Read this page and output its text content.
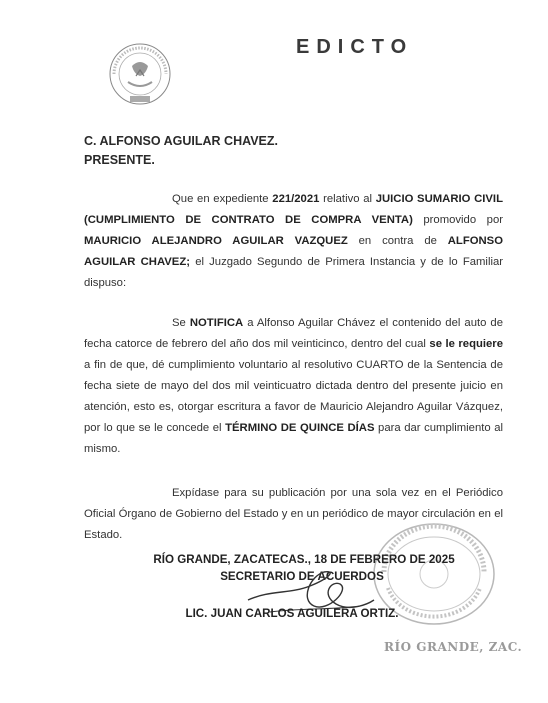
EDICTO
C. ALFONSO AGUILAR CHAVEZ.
PRESENTE.
Que en expediente 221/2021 relativo al JUICIO SUMARIO CIVIL (CUMPLIMIENTO DE CONTRATO DE COMPRA VENTA) promovido por MAURICIO ALEJANDRO AGUILAR VAZQUEZ en contra de ALFONSO AGUILAR CHAVEZ; el Juzgado Segundo de Primera Instancia y de lo Familiar dispuso:
Se NOTIFICA a Alfonso Aguilar Chávez el contenido del auto de fecha catorce de febrero del año dos mil veinticinco, dentro del cual se le requiere a fin de que, dé cumplimiento voluntario al resolutivo CUARTO de la Sentencia de fecha siete de mayo del dos mil veinticuatro dictada dentro del presente juicio en atención, esto es, otorgar escritura a favor de Mauricio Alejandro Aguilar Vázquez, por lo que se le concede el TÉRMINO DE QUINCE DÍAS para dar cumplimiento al mismo.
Expídase para su publicación por una sola vez en el Periódico Oficial Órgano de Gobierno del Estado y en un periódico de mayor circulación en el Estado.
RÍO GRANDE, ZACATECAS., 18 DE FEBRERO DE 2025
SECRETARIO DE ACUERDOS
LIC. JUAN CARLOS AGUILERA ORTIZ.
RÍO GRANDE, ZAC.
